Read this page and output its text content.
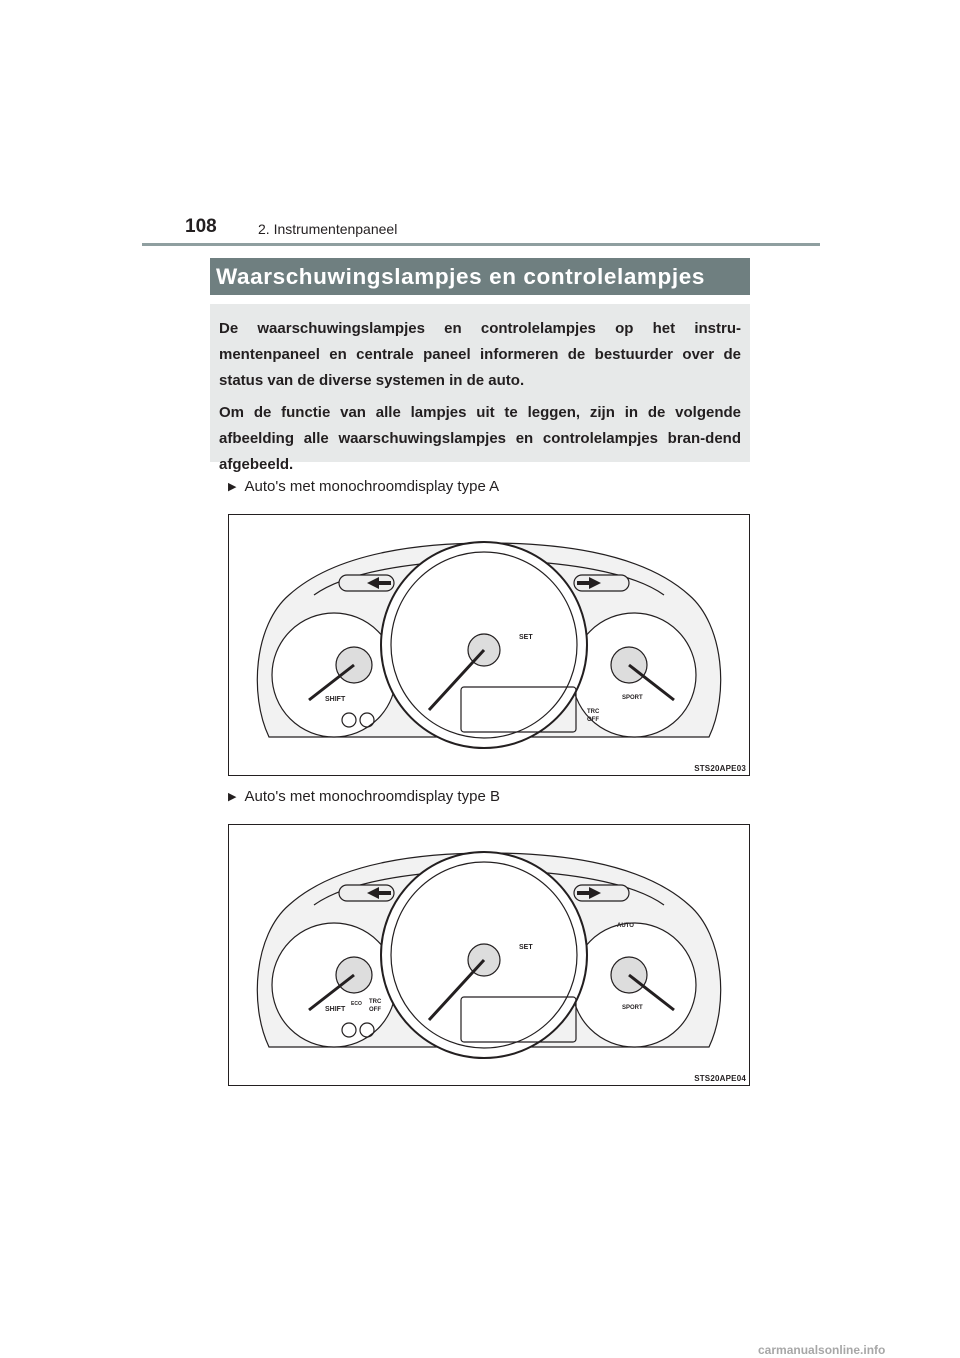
108	2. Instrumentenpaneel
Waarschuwingslampjes en controlelampjes

De waarschuwingslampjes en controlelampjes op het instru-mentenpaneel en centrale paneel informeren de bestuurder over de status van de diverse systemen in de auto.

Om de functie van alle lampjes uit te leggen, zijn in de volgende afbeelding alle waarschuwingslampjes en controlelampjes bran-dend afgebeeld.

▶ Auto's met monochroomdisplay type A
SHIFT
SET
SPORT
TRC
OFF
STS20APE03
▶ Auto's met monochroomdisplay type B
SHIFT
SET
SPORT
TRC
OFF
AUTO
ECO
STS20APE04
carmanualsonline.info
